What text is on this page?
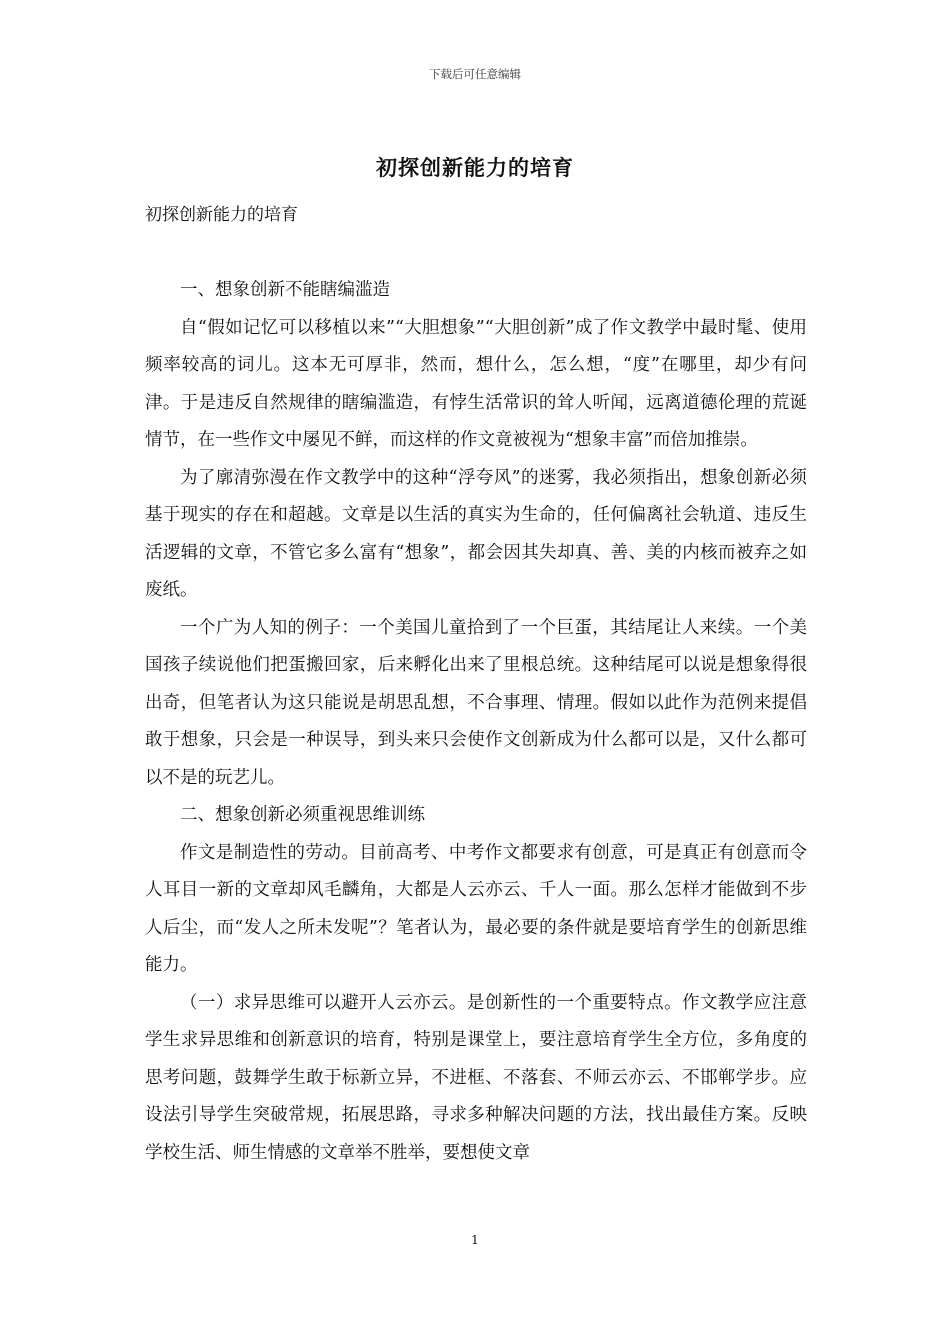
下载后可任意编辑
初探创新能力的培育
初探创新能力的培育

一、想象创新不能瞎编滥造

自“假如记忆可以移植以来”“大胆想象”“大胆创新”成了作文教学中最时髦、使用频率较高的词儿。这本无可厚非，然而，想什么，怎么想，“度”在哪里，却少有问津。于是违反自然规律的瞎编滥造，有悖生活常识的耸人听闻，远离道德伦理的荒诞情节，在一些作文中屡见不鲜，而这样的作文竟被视为“想象丰富”而倍加推崇。

为了廓清弥漫在作文教学中的这种“浮夸风”的迷雾，我必须指出，想象创新必须基于现实的存在和超越。文章是以生活的真实为生命的，任何偏离社会轨道、违反生活逻辑的文章，不管它多么富有“想象”，都会因其失却真、善、美的内核而被弃之如废纸。

一个广为人知的例子：一个美国儿童拾到了一个巨蛋，其结尾让人来续。一个美国孩子续说他们把蛋搬回家，后来孵化出来了里根总统。这种结尾可以说是想象得很出奇，但笔者认为这只能说是胡思乱想，不合事理、情理。假如以此作为范例来提倡敢于想象，只会是一种误导，到头来只会使作文创新成为什么都可以是，又什么都可以不是的玩艺儿。

二、想象创新必须重视思维训练

作文是制造性的劳动。目前高考、中考作文都要求有创意，可是真正有创意而令人耳目一新的文章却风毛麟角，大都是人云亦云、千人一面。那么怎样才能做到不步人后尘，而“发人之所未发呢”？笔者认为，最必要的条件就是要培育学生的创新思维能力。

（一）求异思维可以避开人云亦云。是创新性的一个重要特点。作文教学应注意学生求异思维和创新意识的培育，特别是课堂上，要注意培育学生全方位，多角度的思考问题，鼓舞学生敢于标新立异，不进框、不落套、不师云亦云、不邯郸学步。应设法引导学生突破常规，拓展思路，寻求多种解决问题的方法，找出最佳方案。反映学校生活、师生情感的文章举不胜举，要想使文章

1
